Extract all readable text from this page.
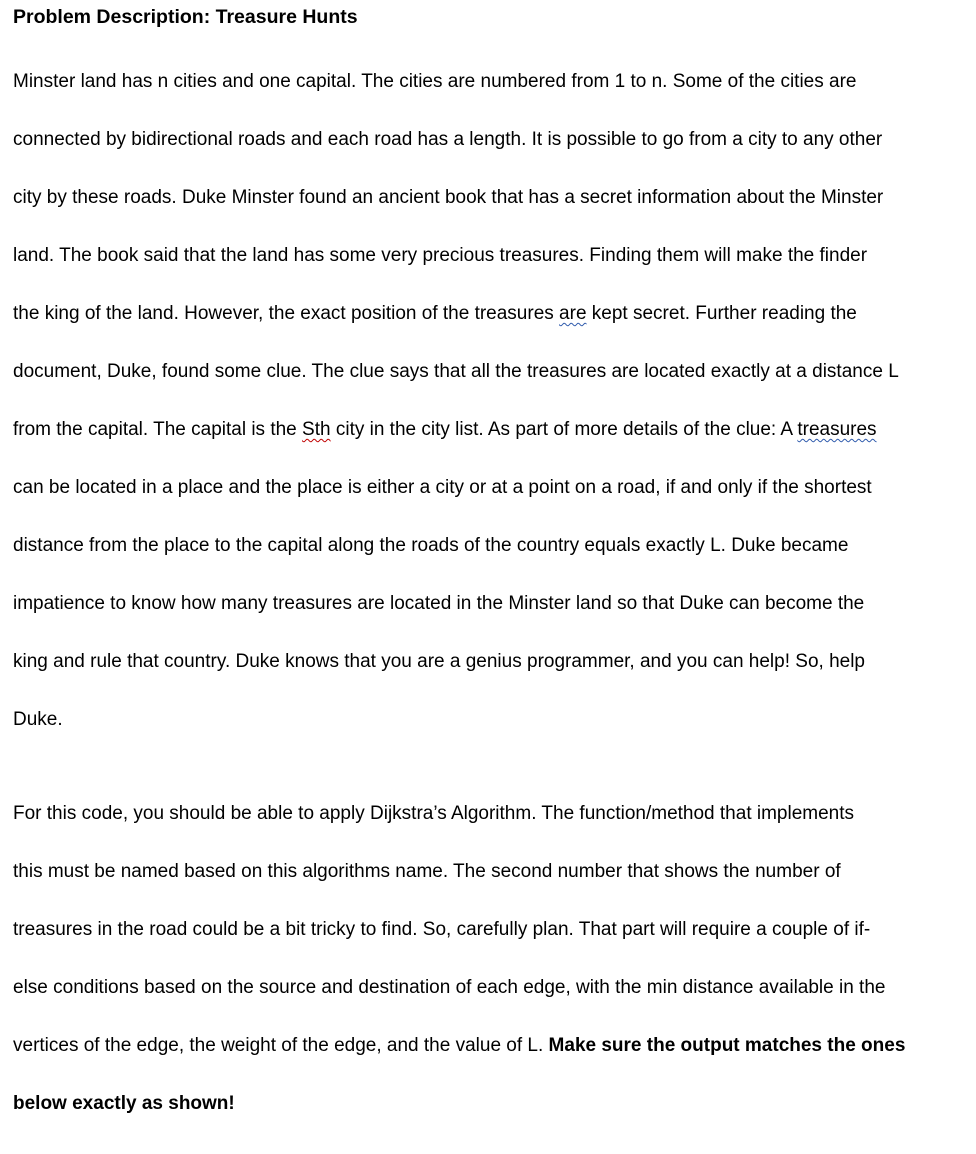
Problem Description: Treasure Hunts

Minster land has n cities and one capital. The cities are numbered from 1 to n. Some of the cities are

connected by bidirectional roads and each road has a length. It is possible to go from a city to any other

city by these roads. Duke Minster found an ancient book that has a secret information about the Minster

land. The book said that the land has some very precious treasures. Finding them will make the finder

the king of the land. However, the exact position of the treasures are kept secret. Further reading the

document, Duke, found some clue. The clue says that all the treasures are located exactly at a distance L

from the capital. The capital is the Sth city in the city list. As part of more details of the clue: A treasures

can be located in a place and the place is either a city or at a point on a road, if and only if the shortest

distance from the place to the capital along the roads of the country equals exactly L. Duke became

impatience to know how many treasures are located in the Minster land so that Duke can become the

king and rule that country. Duke knows that you are a genius programmer, and you can help! So, help

Duke.

For this code, you should be able to apply Dijkstra’s Algorithm. The function/method that implements

this must be named based on this algorithms name. The second number that shows the number of

treasures in the road could be a bit tricky to find. So, carefully plan. That part will require a couple of if-

else conditions based on the source and destination of each edge, with the min distance available in the

vertices of the edge, the weight of the edge, and the value of L. Make sure the output matches the ones

below exactly as shown!
